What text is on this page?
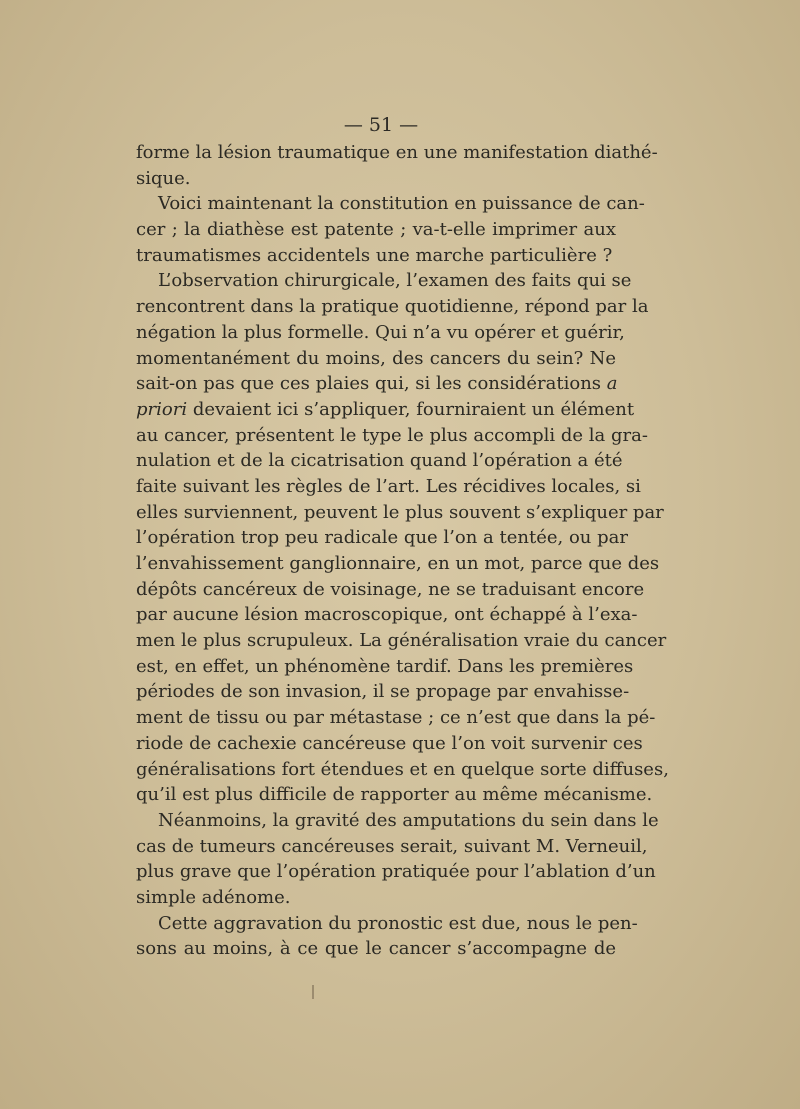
— 51 —
forme la lésion traumatique en une manifestation diathé-
sique.
Voici maintenant la constitution en puissance de can-
cer ; la diathèse est patente ; va-t-elle imprimer aux
traumatismes accidentels une marche particulière ?
L’observation chirurgicale, l’examen des faits qui se
rencontrent dans la pratique quotidienne, répond par la
négation la plus formelle. Qui n’a vu opérer et guérir,
momentanément du moins, des cancers du sein? Ne
sait-on pas que ces plaies qui, si les considérations a
priori devaient ici s’appliquer, fourniraient un élément
au cancer, présentent le type le plus accompli de la gra-
nulation et de la cicatrisation quand l’opération a été
faite suivant les règles de l’art. Les récidives locales, si
elles surviennent, peuvent le plus souvent s’expliquer par
l’opération trop peu radicale que l’on a tentée, ou par
l’envahissement ganglionnaire, en un mot, parce que des
dépôts cancéreux de voisinage, ne se traduisant encore
par aucune lésion macroscopique, ont échappé à l’exa-
men le plus scrupuleux. La généralisation vraie du cancer
est, en effet, un phénomène tardif. Dans les premières
périodes de son invasion, il se propage par envahisse-
ment de tissu ou par métastase ; ce n’est que dans la pé-
riode de cachexie cancéreuse que l’on voit survenir ces
généralisations fort étendues et en quelque sorte diffuses,
qu’il est plus difficile de rapporter au même mécanisme.
Néanmoins, la gravité des amputations du sein dans le
cas de tumeurs cancéreuses serait, suivant M. Verneuil,
plus grave que l’opération pratiquée pour l’ablation d’un
simple adénome.
Cette aggravation du pronostic est due, nous le pen-
sons au moins, à ce que le cancer s’accompagne de
